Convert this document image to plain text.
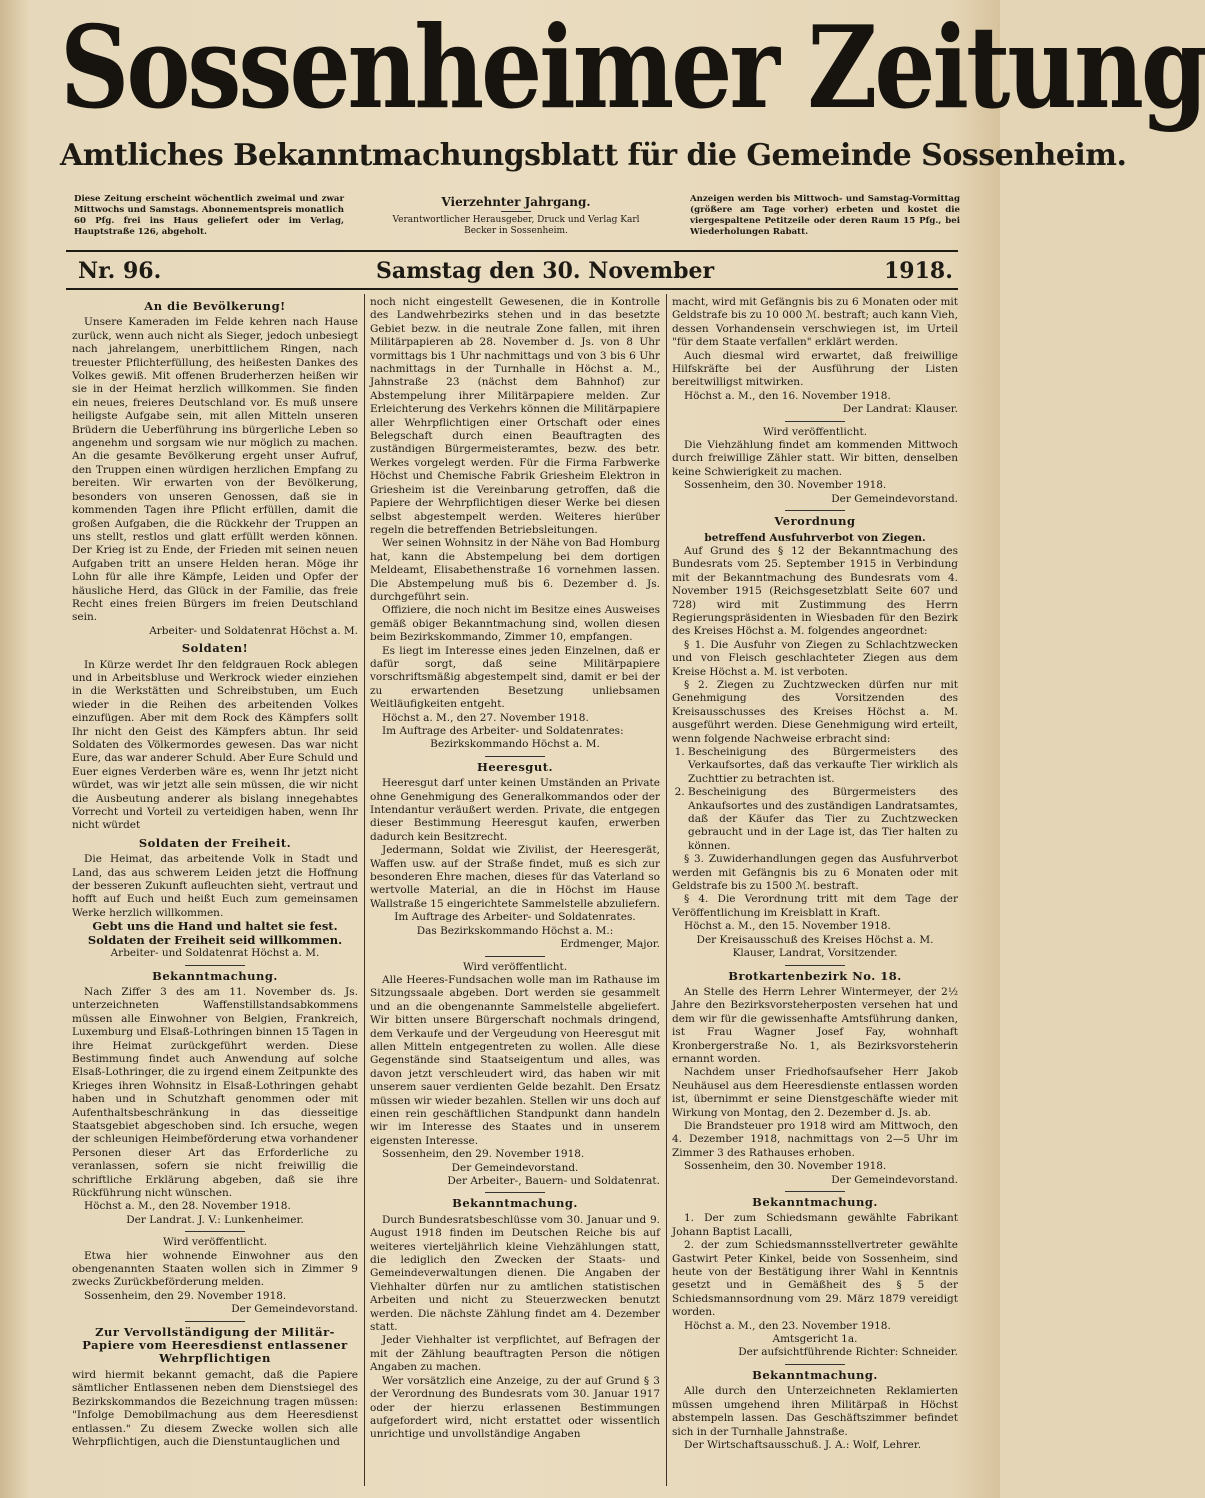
Sossenheimer Zeitung
Amtliches Bekanntmachungsblatt für die Gemeinde Sossenheim.
Diese Zeitung erscheint wöchentlich zweimal und zwar Mittwochs und Samstags. Abonnementspreis monatlich 60 Pfg. frei ins Haus geliefert oder im Verlag, Hauptstraße 126, abgeholt.
Vierzehnter Jahrgang.
Verantwortlicher Herausgeber, Druck und Verlag Karl Becker in Sossenheim.
Anzeigen werden bis Mittwoch- und Samstag-Vormittag (größere am Tage vorher) erbeten und kostet die viergespaltene Petitzeile oder deren Raum 15 Pfg., bei Wiederholungen Rabatt.
Nr. 96.	Samstag den 30. November	1918.
An die Bevölkerung!

Unsere Kameraden im Felde kehren nach Hause zurück, wenn auch nicht als Sieger, jedoch unbesiegt nach jahrelangem, unerbittlichem Ringen, nach treuester Pflichterfüllung, des heißesten Dankes des Volkes gewiß. Mit offenen Bruderherzen heißen wir sie in der Heimat herzlich willkommen. Sie finden ein neues, freieres Deutschland vor. Es muß unsere heiligste Aufgabe sein, mit allen Mitteln unseren Brüdern die Ueberführung ins bürgerliche Leben so angenehm und sorgsam wie nur möglich zu machen. An die gesamte Bevölkerung ergeht unser Aufruf, den Truppen einen würdigen herzlichen Empfang zu bereiten. Wir erwarten von der Bevölkerung, besonders von unseren Genossen, daß sie in kommenden Tagen ihre Pflicht erfüllen, damit die großen Aufgaben, die die Rückkehr der Truppen an uns stellt, restlos und glatt erfüllt werden können. Der Krieg ist zu Ende, der Frieden mit seinen neuen Aufgaben tritt an unsere Helden heran. Möge ihr Lohn für alle ihre Kämpfe, Leiden und Opfer der häusliche Herd, das Glück in der Familie, das freie Recht eines freien Bürgers im freien Deutschland sein.

Arbeiter- und Soldatenrat Höchst a. M.

Soldaten!

In Kürze werdet Ihr den feldgrauen Rock ablegen und in Arbeitsbluse und Werkrock wieder einziehen in die Werkstätten und Schreibstuben, um Euch wieder in die Reihen des arbeitenden Volkes einzufügen. Aber mit dem Rock des Kämpfers sollt Ihr nicht den Geist des Kämpfers abtun. Ihr seid Soldaten des Völkermordes gewesen. Das war nicht Eure, das war anderer Schuld. Aber Eure Schuld und Euer eignes Verderben wäre es, wenn Ihr jetzt nicht würdet, was wir jetzt alle sein müssen, die wir nicht die Ausbeutung anderer als bislang innegehabtes Vorrecht und Vorteil zu verteidigen haben, wenn Ihr nicht würdet

Soldaten der Freiheit.

Die Heimat, das arbeitende Volk in Stadt und Land, das aus schwerem Leiden jetzt die Hoffnung der besseren Zukunft aufleuchten sieht, vertraut und hofft auf Euch und heißt Euch zum gemeinsamen Werke herzlich willkommen.

Gebt uns die Hand und haltet sie fest.

Soldaten der Freiheit seid willkommen.

Arbeiter- und Soldatenrat Höchst a. M.

Bekanntmachung.

Nach Ziffer 3 des am 11. November ds. Js. unterzeichneten Waffenstillstandsabkommens müssen alle Einwohner von Belgien, Frankreich, Luxemburg und Elsaß-Lothringen binnen 15 Tagen in ihre Heimat zurückgeführt werden. Diese Bestimmung findet auch Anwendung auf solche Elsaß-Lothringer, die zu irgend einem Zeitpunkte des Krieges ihren Wohnsitz in Elsaß-Lothringen gehabt haben und in Schutzhaft genommen oder mit Aufenthaltsbeschränkung in das diesseitige Staatsgebiet abgeschoben sind. Ich ersuche, wegen der schleunigen Heimbeförderung etwa vorhandener Personen dieser Art das Erforderliche zu veranlassen, sofern sie nicht freiwillig die schriftliche Erklärung abgeben, daß sie ihre Rückführung nicht wünschen.

Höchst a. M., den 28. November 1918.

Der Landrat. J. V.: Lunkenheimer.

Wird veröffentlicht.

Etwa hier wohnende Einwohner aus den obengenannten Staaten wollen sich in Zimmer 9 zwecks Zurückbeförderung melden.

Sossenheim, den 29. November 1918.

Der Gemeindevorstand.

Zur Vervollständigung der Militär-Papiere vom Heeresdienst entlassener Wehrpflichtigen

wird hiermit bekannt gemacht, daß die Papiere sämtlicher Entlassenen neben dem Dienstsiegel des Bezirkskommandos die Bezeichnung tragen müssen: "Infolge Demobilmachung aus dem Heeresdienst entlassen." Zu diesem Zwecke wollen sich alle Wehrpflichtigen, auch die Dienstuntauglichen und

noch nicht eingestellt Gewesenen, die in Kontrolle des Landwehrbezirks stehen und in das besetzte Gebiet bezw. in die neutrale Zone fallen, mit ihren Militärpapieren ab 28. November d. Js. von 8 Uhr vormittags bis 1 Uhr nachmittags und von 3 bis 6 Uhr nachmittags in der Turnhalle in Höchst a. M., Jahnstraße 23 (nächst dem Bahnhof) zur Abstempelung ihrer Militärpapiere melden. Zur Erleichterung des Verkehrs können die Militärpapiere aller Wehrpflichtigen einer Ortschaft oder eines Belegschaft durch einen Beauftragten des zuständigen Bürgermeisteramtes, bezw. des betr. Werkes vorgelegt werden. Für die Firma Farbwerke Höchst und Chemische Fabrik Griesheim Elektron in Griesheim ist die Vereinbarung getroffen, daß die Papiere der Wehrpflichtigen dieser Werke bei diesen selbst abgestempelt werden. Weiteres hierüber regeln die betreffenden Betriebsleitungen.

Wer seinen Wohnsitz in der Nähe von Bad Homburg hat, kann die Abstempelung bei dem dortigen Meldeamt, Elisabethenstraße 16 vornehmen lassen. Die Abstempelung muß bis 6. Dezember d. Js. durchgeführt sein.

Offiziere, die noch nicht im Besitze eines Ausweises gemäß obiger Bekanntmachung sind, wollen diesen beim Bezirkskommando, Zimmer 10, empfangen.

Es liegt im Interesse eines jeden Einzelnen, daß er dafür sorgt, daß seine Militärpapiere vorschriftsmäßig abgestempelt sind, damit er bei der zu erwartenden Besetzung unliebsamen Weitläufigkeiten entgeht.

Höchst a. M., den 27. November 1918.

Im Auftrage des Arbeiter- und Soldatenrates:

Bezirkskommando Höchst a. M.

Heeresgut.

Heeresgut darf unter keinen Umständen an Private ohne Genehmigung des Generalkommandos oder der Intendantur veräußert werden. Private, die entgegen dieser Bestimmung Heeresgut kaufen, erwerben dadurch kein Besitzrecht.

Jedermann, Soldat wie Zivilist, der Heeresgerät, Waffen usw. auf der Straße findet, muß es sich zur besonderen Ehre machen, dieses für das Vaterland so wertvolle Material, an die in Höchst im Hause Wallstraße 15 eingerichtete Sammelstelle abzuliefern.

Im Auftrage des Arbeiter- und Soldatenrates.

Das Bezirkskommando Höchst a. M.:

Erdmenger, Major.

Wird veröffentlicht.

Alle Heeres-Fundsachen wolle man im Rathause im Sitzungssaale abgeben. Dort werden sie gesammelt und an die obengenannte Sammelstelle abgeliefert. Wir bitten unsere Bürgerschaft nochmals dringend, dem Verkaufe und der Vergeudung von Heeresgut mit allen Mitteln entgegentreten zu wollen. Alle diese Gegenstände sind Staatseigentum und alles, was davon jetzt verschleudert wird, das haben wir mit unserem sauer verdienten Gelde bezahlt. Den Ersatz müssen wir wieder bezahlen. Stellen wir uns doch auf einen rein geschäftlichen Standpunkt dann handeln wir im Interesse des Staates und in unserem eigensten Interesse.

Sossenheim, den 29. November 1918.

Der Gemeindevorstand.

Der Arbeiter-, Bauern- und Soldatenrat.

Bekanntmachung.

Durch Bundesratsbeschlüsse vom 30. Januar und 9. August 1918 finden im Deutschen Reiche bis auf weiteres vierteljährlich kleine Viehzählungen statt, die lediglich den Zwecken der Staats- und Gemeindeverwaltungen dienen. Die Angaben der Viehhalter dürfen nur zu amtlichen statistischen Arbeiten und nicht zu Steuerzwecken benutzt werden. Die nächste Zählung findet am 4. Dezember statt.

Jeder Viehhalter ist verpflichtet, auf Befragen der mit der Zählung beauftragten Person die nötigen Angaben zu machen.

Wer vorsätzlich eine Anzeige, zu der auf Grund § 3 der Verordnung des Bundesrats vom 30. Januar 1917 oder der hierzu erlassenen Bestimmungen aufgefordert wird, nicht erstattet oder wissentlich unrichtige und unvollständige Angaben

macht, wird mit Gefängnis bis zu 6 Monaten oder mit Geldstrafe bis zu 10 000 ℳ. bestraft; auch kann Vieh, dessen Vorhandensein verschwiegen ist, im Urteil "für dem Staate verfallen" erklärt werden.

Auch diesmal wird erwartet, daß freiwillige Hilfskräfte bei der Ausführung der Listen bereitwilligst mitwirken.

Höchst a. M., den 16. November 1918.

Der Landrat: Klauser.

Wird veröffentlicht.

Die Viehzählung findet am kommenden Mittwoch durch freiwillige Zähler statt. Wir bitten, denselben keine Schwierigkeit zu machen.

Sossenheim, den 30. November 1918.

Der Gemeindevorstand.

Verordnung

betreffend Ausfuhrverbot von Ziegen.

Auf Grund des § 12 der Bekanntmachung des Bundesrats vom 25. September 1915 in Verbindung mit der Bekanntmachung des Bundesrats vom 4. November 1915 (Reichsgesetzblatt Seite 607 und 728) wird mit Zustimmung des Herrn Regierungspräsidenten in Wiesbaden für den Bezirk des Kreises Höchst a. M. folgendes angeordnet:

§ 1. Die Ausfuhr von Ziegen zu Schlachtzwecken und von Fleisch geschlachteter Ziegen aus dem Kreise Höchst a. M. ist verboten.

§ 2. Ziegen zu Zuchtzwecken dürfen nur mit Genehmigung des Vorsitzenden des Kreisausschusses des Kreises Höchst a. M. ausgeführt werden. Diese Genehmigung wird erteilt, wenn folgende Nachweise erbracht sind:

1. Bescheinigung des Bürgermeisters des Verkaufsortes, daß das verkaufte Tier wirklich als Zuchttier zu betrachten ist.
2. Bescheinigung des Bürgermeisters des Ankaufsortes und des zuständigen Landratsamtes, daß der Käufer das Tier zu Zuchtzwecken gebraucht und in der Lage ist, das Tier halten zu können.

§ 3. Zuwiderhandlungen gegen das Ausfuhrverbot werden mit Gefängnis bis zu 6 Monaten oder mit Geldstrafe bis zu 1500 ℳ. bestraft.

§ 4. Die Verordnung tritt mit dem Tage der Veröffentlichung im Kreisblatt in Kraft.

Höchst a. M., den 15. November 1918.

Der Kreisausschuß des Kreises Höchst a. M.

Klauser, Landrat, Vorsitzender.

Brotkartenbezirk No. 18.

An Stelle des Herrn Lehrer Wintermeyer, der 2½ Jahre den Bezirksvorsteherposten versehen hat und dem wir für die gewissenhafte Amtsführung danken, ist Frau Wagner Josef Fay, wohnhaft Kronbergerstraße No. 1, als Bezirksvorsteherin ernannt worden.

Nachdem unser Friedhofsaufseher Herr Jakob Neuhäusel aus dem Heeresdienste entlassen worden ist, übernimmt er seine Dienstgeschäfte wieder mit Wirkung von Montag, den 2. Dezember d. Js. ab.

Die Brandsteuer pro 1918 wird am Mittwoch, den 4. Dezember 1918, nachmittags von 2—5 Uhr im Zimmer 3 des Rathauses erhoben.

Sossenheim, den 30. November 1918.

Der Gemeindevorstand.

Bekanntmachung.

1. Der zum Schiedsmann gewählte Fabrikant Johann Baptist Lacalli,

2. der zum Schiedsmannsstellvertreter gewählte Gastwirt Peter Kinkel, beide von Sossenheim, sind heute von der Bestätigung ihrer Wahl in Kenntnis gesetzt und in Gemäßheit des § 5 der Schiedsmannsordnung vom 29. März 1879 vereidigt worden.

Höchst a. M., den 23. November 1918.

Amtsgericht 1a.

Der aufsichtführende Richter: Schneider.

Bekanntmachung.

Alle durch den Unterzeichneten Reklamierten müssen umgehend ihren Militärpaß in Höchst abstempeln lassen. Das Geschäftszimmer befindet sich in der Turnhalle Jahnstraße.

Der Wirtschaftsausschuß. J. A.: Wolf, Lehrer.
